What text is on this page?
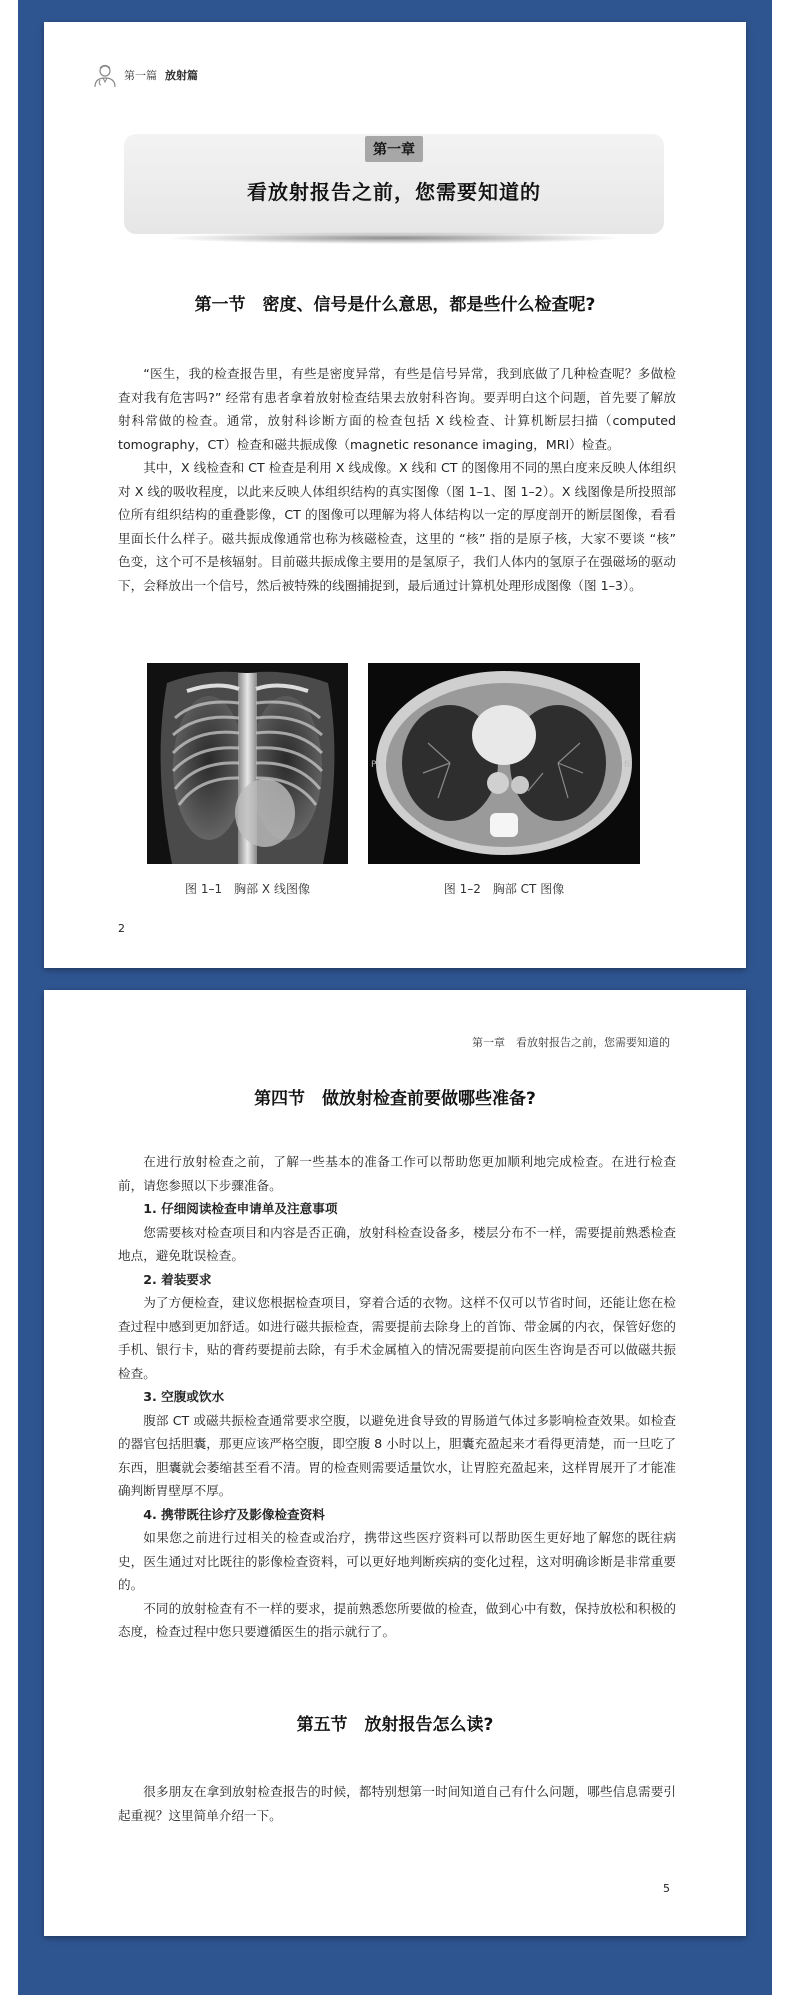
第一篇 放射篇
第一章
看放射报告之前，您需要知道的
第一节　密度、信号是什么意思，都是些什么检查呢?

“医生，我的检查报告里，有些是密度异常，有些是信号异常，我到底做了几种检查呢？多做检查对我有危害吗?” 经常有患者拿着放射检查结果去放射科咨询。要弄明白这个问题，首先要了解放射科常做的检查。通常，放射科诊断方面的检查包括 X 线检查、计算机断层扫描（computed tomography，CT）检查和磁共振成像（magnetic resonance imaging，MRI）检查。

其中，X 线检查和 CT 检查是利用 X 线成像。X 线和 CT 的图像用不同的黑白度来反映人体组织对 X 线的吸收程度，以此来反映人体组织结构的真实图像（图 1–1、图 1–2）。X 线图像是所投照部位所有组织结构的重叠影像，CT 的图像可以理解为将人体结构以一定的厚度剖开的断层图像，看看里面长什么样子。磁共振成像通常也称为核磁检查，这里的 “核” 指的是原子核，大家不要谈 “核” 色变，这个可不是核辐射。目前磁共振成像主要用的是氢原子，我们人体内的氢原子在强磁场的驱动下，会释放出一个信号，然后被特殊的线圈捕捉到，最后通过计算机处理形成图像（图 1–3）。

图 1–1　胸部 X 线图像
PI	fil
图 1–2　胸部 CT 图像
2
第一章　看放射报告之前，您需要知道的
第四节　做放射检查前要做哪些准备?

在进行放射检查之前，了解一些基本的准备工作可以帮助您更加顺利地完成检查。在进行检查前，请您参照以下步骤准备。

1. 仔细阅读检查申请单及注意事项

您需要核对检查项目和内容是否正确，放射科检查设备多，楼层分布不一样，需要提前熟悉检查地点，避免耽误检查。

2. 着装要求

为了方便检查，建议您根据检查项目，穿着合适的衣物。这样不仅可以节省时间，还能让您在检查过程中感到更加舒适。如进行磁共振检查，需要提前去除身上的首饰、带金属的内衣，保管好您的手机、银行卡，贴的膏药要提前去除，有手术金属植入的情况需要提前向医生咨询是否可以做磁共振检查。

3. 空腹或饮水

腹部 CT 或磁共振检查通常要求空腹，以避免进食导致的胃肠道气体过多影响检查效果。如检查的器官包括胆囊，那更应该严格空腹，即空腹 8 小时以上，胆囊充盈起来才看得更清楚，而一旦吃了东西，胆囊就会萎缩甚至看不清。胃的检查则需要适量饮水，让胃腔充盈起来，这样胃展开了才能准确判断胃壁厚不厚。

4. 携带既往诊疗及影像检查资料

如果您之前进行过相关的检查或治疗，携带这些医疗资料可以帮助医生更好地了解您的既往病史，医生通过对比既往的影像检查资料，可以更好地判断疾病的变化过程，这对明确诊断是非常重要的。

不同的放射检查有不一样的要求，提前熟悉您所要做的检查，做到心中有数，保持放松和积极的态度，检查过程中您只要遵循医生的指示就行了。

第五节　放射报告怎么读?

很多朋友在拿到放射检查报告的时候，都特别想第一时间知道自己有什么问题，哪些信息需要引起重视？这里简单介绍一下。

5
